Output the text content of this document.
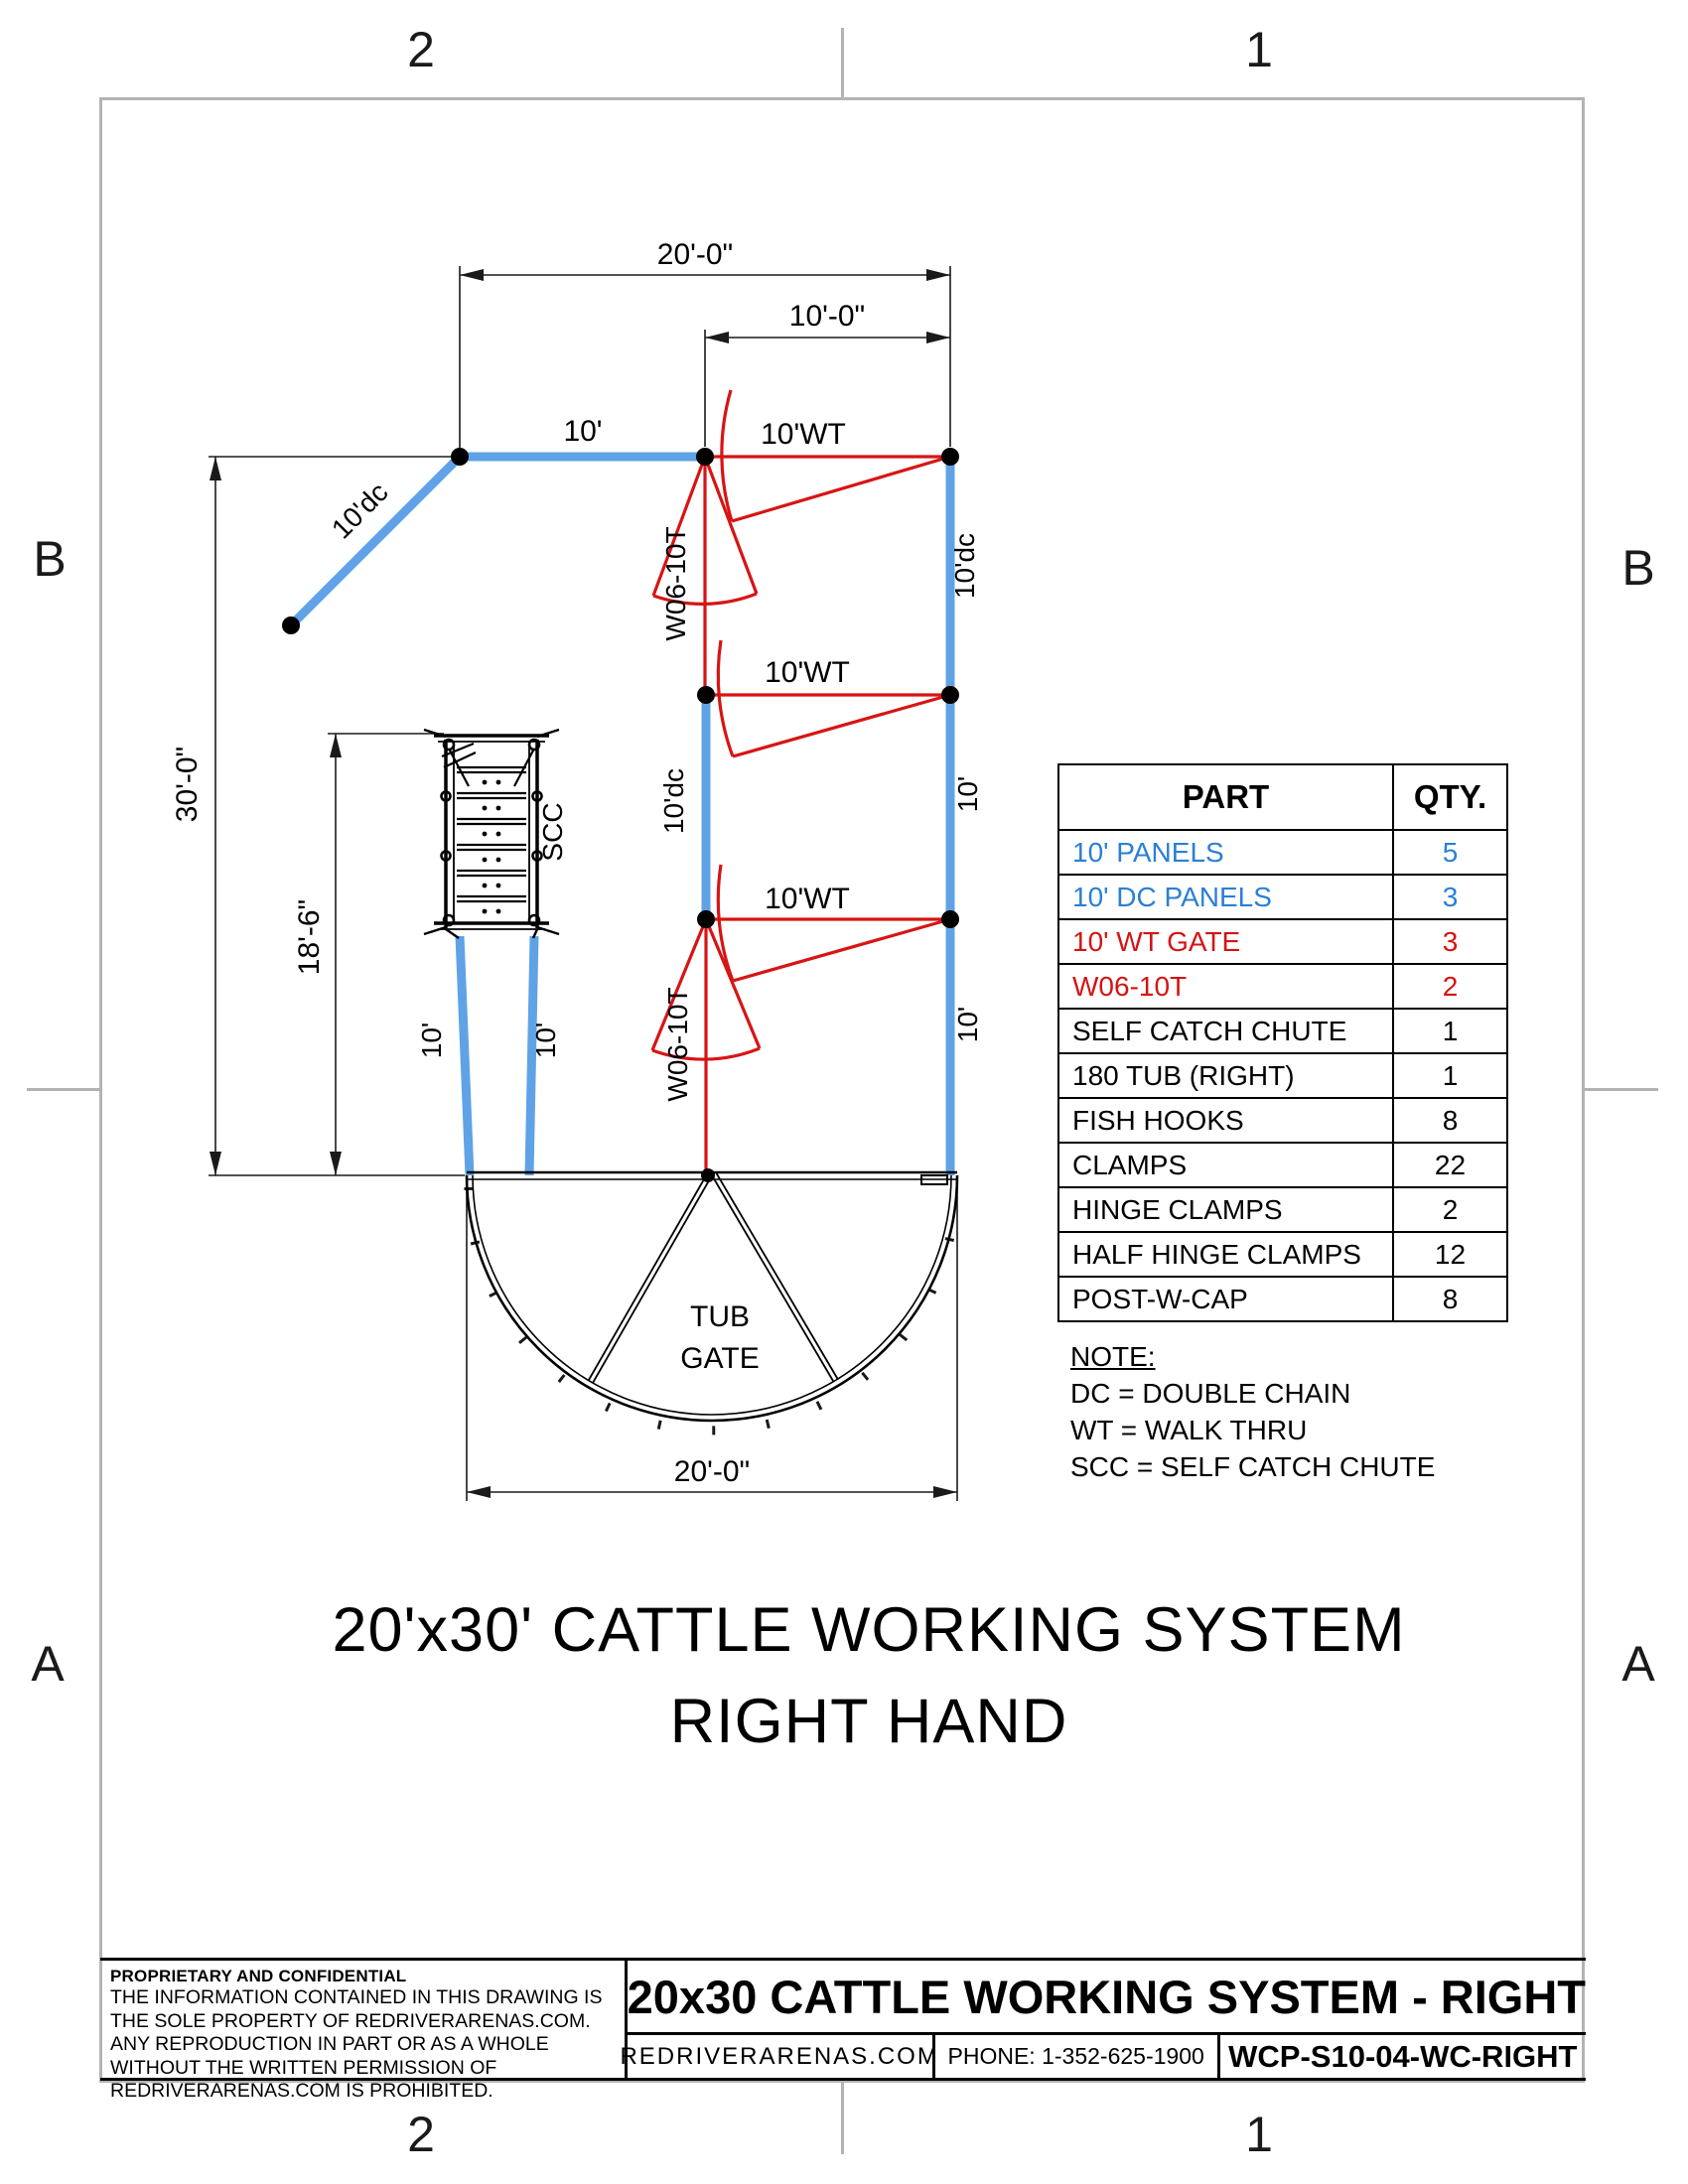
2	1
2	1
B	B
A	A
20'-0"
10'-0"
10'
10'dc
10'WT
10'WT
10'WT
W06-10T
W06-10T
10'dc
10'dc	10'
10'
10'	10'
SCC
30'-0"
18'-6"
TUB
GATE
20'-0"
PART	QTY.
10' PANELS	5
10' DC PANELS	3
10' WT GATE	3
W06-10T	2
SELF CATCH CHUTE	1
180 TUB (RIGHT)	1
FISH HOOKS	8
CLAMPS	22
HINGE CLAMPS	2
HALF HINGE CLAMPS	12
POST-W-CAP	8
NOTE:
DC = DOUBLE CHAIN
WT = WALK THRU
SCC = SELF CATCH CHUTE
20'x30' CATTLE WORKING SYSTEM
RIGHT HAND
PROPRIETARY AND CONFIDENTIAL
THE INFORMATION CONTAINED IN THIS DRAWING IS THE SOLE PROPERTY OF REDRIVERARENAS.COM. ANY REPRODUCTION IN PART OR AS A WHOLE WITHOUT THE WRITTEN PERMISSION OF REDRIVERARENAS.COM IS PROHIBITED.
20x30 CATTLE WORKING SYSTEM - RIGHT
REDRIVERARENAS.COM PHONE: 1-352-625-1900 WCP-S10-04-WC-RIGHT
